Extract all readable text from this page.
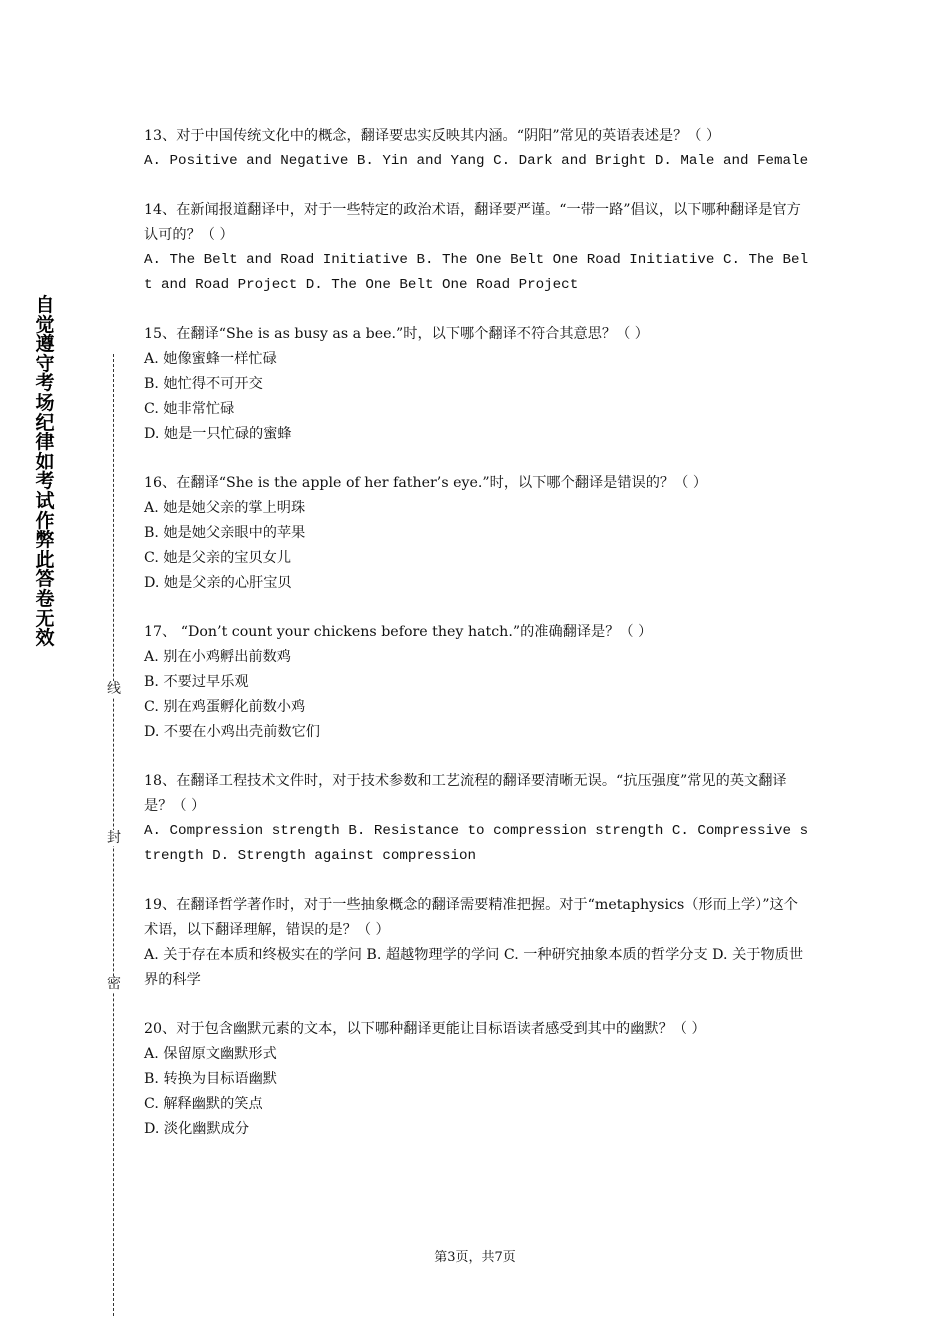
自觉遵守考场纪律如考试作弊此答卷无效
线
封
密
13、对于中国传统文化中的概念，翻译要忠实反映其内涵。“阴阳”常见的英语表述是？（ ）
A. Positive and Negative B. Yin and Yang C. Dark and Bright D. Male and Female
14、在新闻报道翻译中，对于一些特定的政治术语，翻译要严谨。“一带一路”倡议，以下哪种翻译是官方认可的？（ ）
A. The Belt and Road Initiative B. The One Belt One Road Initiative C. The Belt and Road Project D. The One Belt One Road Project
15、在翻译“She is as busy as a bee.”时，以下哪个翻译不符合其意思？（ ）
A. 她像蜜蜂一样忙碌
B. 她忙得不可开交
C. 她非常忙碌
D. 她是一只忙碌的蜜蜂
16、在翻译“She is the apple of her father’s eye.”时，以下哪个翻译是错误的？（ ）
A. 她是她父亲的掌上明珠
B. 她是她父亲眼中的苹果
C. 她是父亲的宝贝女儿
D. 她是父亲的心肝宝贝
17、 “Don’t count your chickens before they hatch.”的准确翻译是？（ ）
A. 别在小鸡孵出前数鸡
B. 不要过早乐观
C. 别在鸡蛋孵化前数小鸡
D. 不要在小鸡出壳前数它们
18、在翻译工程技术文件时，对于技术参数和工艺流程的翻译要清晰无误。“抗压强度”常见的英文翻译是？（ ）
A. Compression strength B. Resistance to compression strength C. Compressive strength D. Strength against compression
19、在翻译哲学著作时，对于一些抽象概念的翻译需要精准把握。对于“metaphysics（形而上学）”这个术语，以下翻译理解，错误的是？（ ）
A. 关于存在本质和终极实在的学问 B. 超越物理学的学问 C. 一种研究抽象本质的哲学分支 D. 关于物质世界的科学
20、对于包含幽默元素的文本，以下哪种翻译更能让目标语读者感受到其中的幽默？（ ）
A. 保留原文幽默形式
B. 转换为目标语幽默
C. 解释幽默的笑点
D. 淡化幽默成分
第3页，共7页
